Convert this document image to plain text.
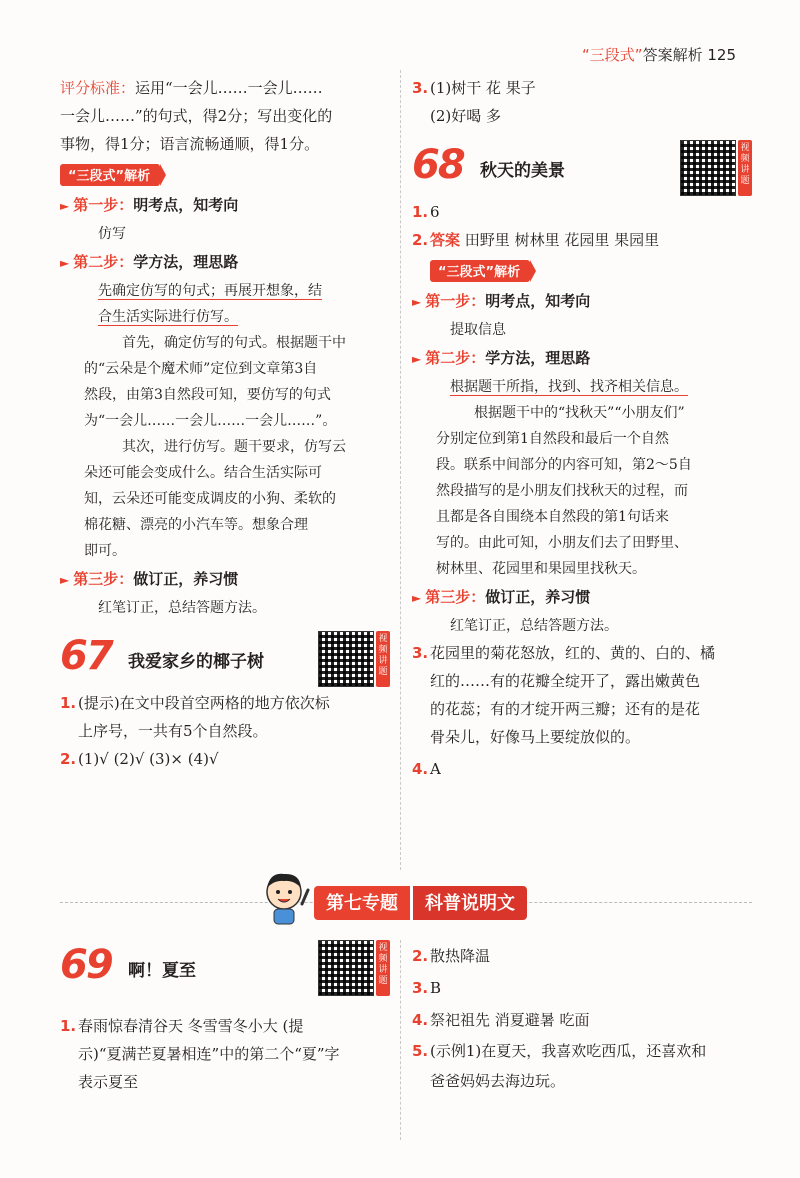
“三段式”答案解析 125
评分标准：运用“一会儿……一会儿……
一会儿……”的句式，得2分；写出变化的
事物，得1分；语言流畅通顺，得1分。
“三段式”解析
► 第一步：明考点，知考向
仿写
► 第二步：学方法，理思路
先确定仿写的句式；再展开想象，结
合生活实际进行仿写。
首先，确定仿写的句式。根据题干中
的“云朵是个魔术师”定位到文章第3自
然段，由第3自然段可知，要仿写的句式
为“一会儿……一会儿……一会儿……”。
其次，进行仿写。题干要求，仿写云
朵还可能会变成什么。结合生活实际可
知，云朵还可能变成调皮的小狗、柔软的
棉花糖、漂亮的小汽车等。想象合理
即可。
► 第三步：做订正，养习惯
红笔订正，总结答题方法。
67 我爱家乡的椰子树
视频讲题
1. (提示)在文中段首空两格的地方依次标
上序号，一共有5个自然段。
2. (1)√ (2)√ (3)× (4)√
3. (1)树干 花 果子
(2)好喝 多
68 秋天的美景
视频讲题
1. 6
2. 答案 田野里 树林里 花园里 果园里
“三段式”解析
► 第一步：明考点，知考向
提取信息
► 第二步：学方法，理思路
根据题干所指，找到、找齐相关信息。
根据题干中的“找秋天”“小朋友们”
分别定位到第1自然段和最后一个自然
段。联系中间部分的内容可知，第2～5自
然段描写的是小朋友们找秋天的过程，而
且都是各自围绕本自然段的第1句话来
写的。由此可知，小朋友们去了田野里、
树林里、花园里和果园里找秋天。
► 第三步：做订正，养习惯
红笔订正，总结答题方法。
3. 花园里的菊花怒放，红的、黄的、白的、橘
红的……有的花瓣全绽开了，露出嫩黄色
的花蕊；有的才绽开两三瓣；还有的是花
骨朵儿，好像马上要绽放似的。
4. A
第七专题	科普说明文
69 啊！夏至
视频讲题
1. 春雨惊春清谷天 冬雪雪冬小大 (提
示)“夏满芒夏暑相连”中的第二个“夏”字
表示夏至
2. 散热降温
3. B
4. 祭祀祖先 消夏避暑 吃面
5. (示例1)在夏天，我喜欢吃西瓜，还喜欢和
爸爸妈妈去海边玩。
